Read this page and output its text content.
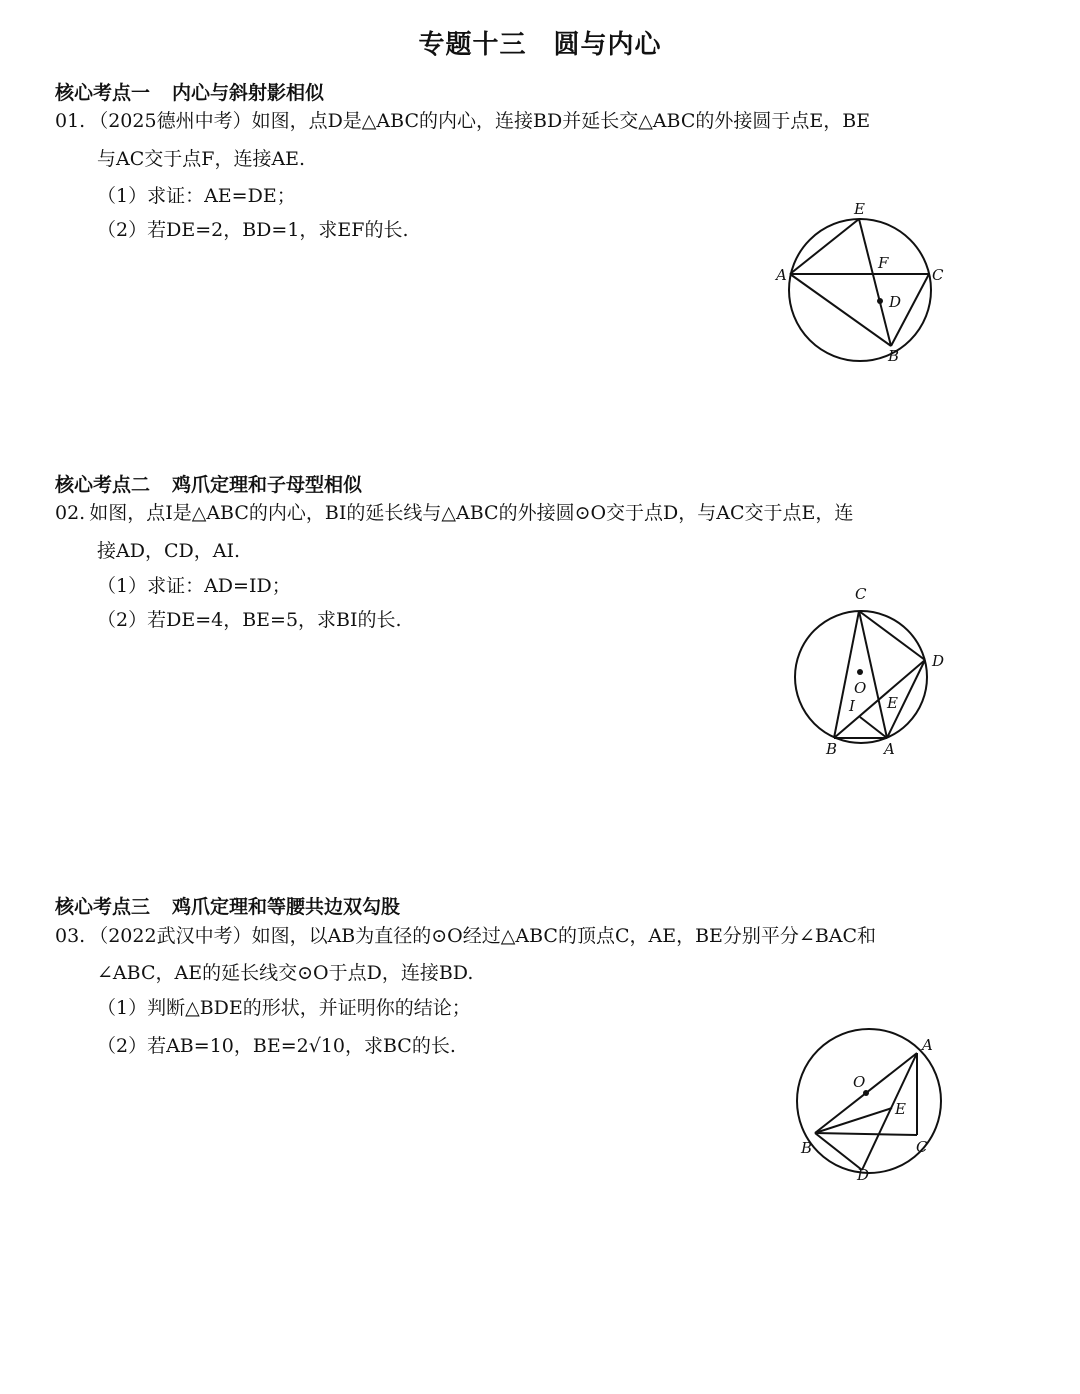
专题十三　圆与内心
核心考点一 内心与斜射影相似
01. （2025德州中考）如图，点D是△ABC的内心，连接BD并延长交△ABC的外接圆于点E，BE
与AC交于点F，连接AE.
（1）求证：AE=DE；
（2）若DE=2，BD=1，求EF的长.
E
A
F
C
D
B
核心考点二 鸡爪定理和子母型相似
02. 如图，点I是△ABC的内心，BI的延长线与△ABC的外接圆⊙O交于点D，与AC交于点E，连
接AD，CD，AI.
（1）求证：AD=ID；
（2）若DE=4，BE=5，求BI的长.
C
D
O
I E
B	A
核心考点三 鸡爪定理和等腰共边双勾股
03. （2022武汉中考）如图，以AB为直径的⊙O经过△ABC的顶点C，AE，BE分别平分∠BAC和
∠ABC，AE的延长线交⊙O于点D，连接BD.
（1）判断△BDE的形状，并证明你的结论；
（2）若AB=10，BE=2√10，求BC的长.	A
O
E
B	C
D
